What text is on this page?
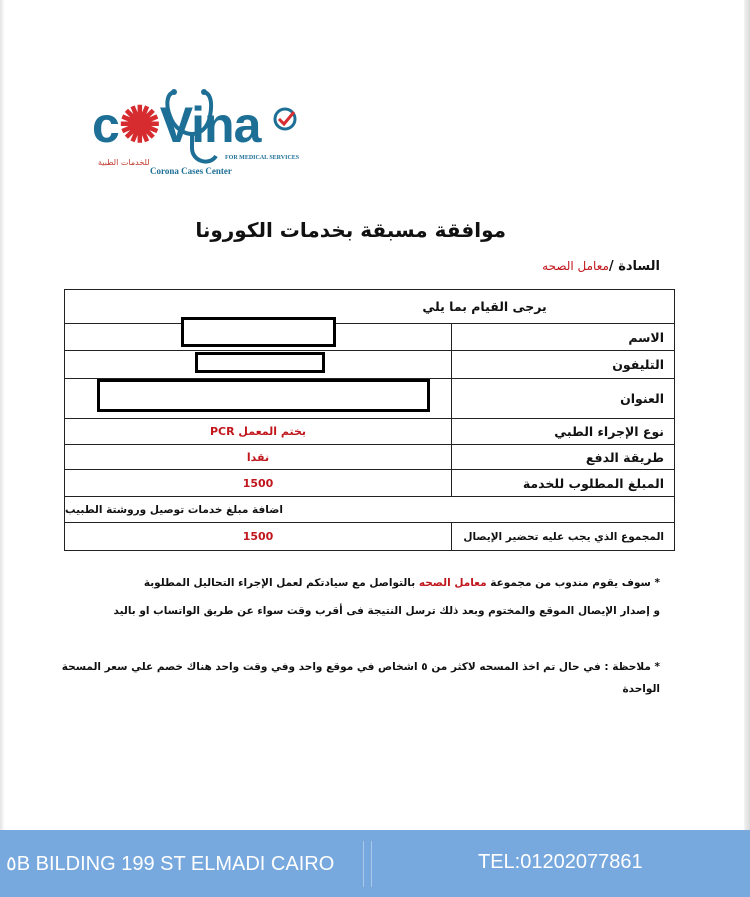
c✺Vina
للخدمات الطبية	FOR MEDICAL SERVICES
Corona Cases Center
موافقة مسبقة بخدمات الكورونا
السادة /معامل الصحه
يرجى القيام بما يلي
الاسم
التليفون
العنوان
PCR بختم المعمل	نوع الإجراء الطبي
نقدا	طريقة الدفع
1500	المبلغ المطلوب للخدمة
اضافة مبلغ خدمات توصيل وروشتة الطبيب
1500	المجموع الذي يجب عليه تحضير الإيصال
* سوف يقوم مندوب من مجموعة معامل الصحه بالتواصل مع سيادتكم لعمل الإجراء التحاليل المطلوبة
و إصدار الإيصال الموقع والمختوم وبعد ذلك ترسل النتيجة فى أقرب وقت سواء عن طريق الواتساب او باليد
* ملاحظة : في حال تم اخذ المسحه لاكثر من ٥ اشخاص في موقع واحد وفي وقت واحد هناك خصم علي سعر المسحة
الواحدة
٥B BILDING 199 ST ELMADI CAIRO	TEL:01202077861
